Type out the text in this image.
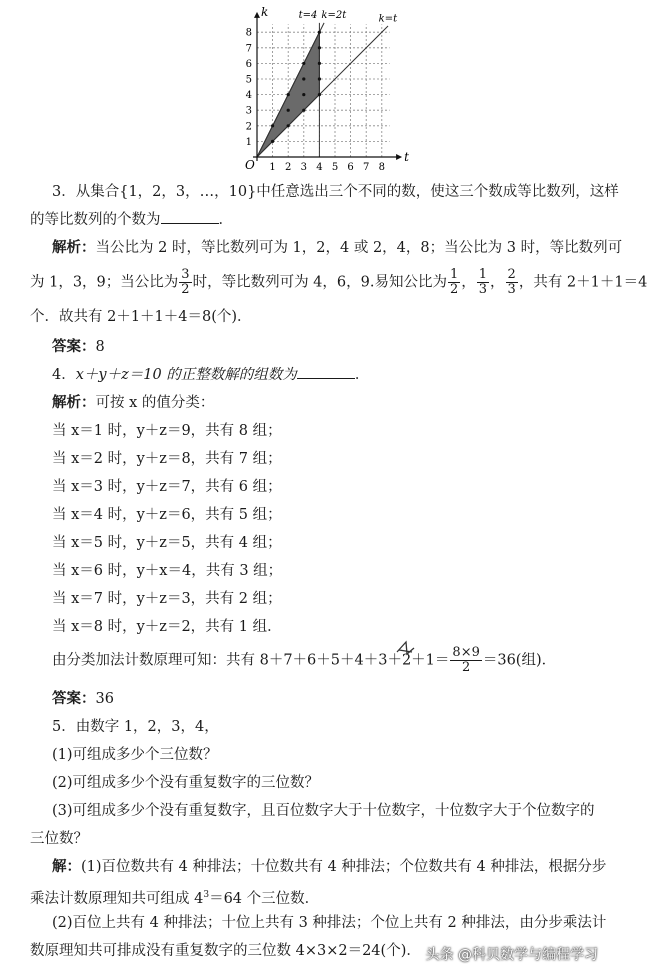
1 2 3 4 5 6 7 8
1
2
3
4
5
6
7
8
t
k
O
t=4 k=2t	k=t
3．从集合{1，2，3，…，10}中任意选出三个不同的数，使这三个数成等比数列，这样
的等比数列的个数为	．
解析：当公比为 2 时，等比数列可为 1，2，4 或 2，4，8；当公比为 3 时，等比数列可
为 1，3，9；当公比为 $\frac{3}{2}$ 时，等比数列可为 4，6，9.易知公比为 $\frac{1}{2}$ ， $\frac{1}{3}$ ， $\frac{2}{3}$ ，共有 2＋1＋1＝4
个．故共有 2＋1＋1＋4＝8(个)．
答案：8
4．x＋y＋z＝10 的正整数解的组数为	．
解析：可按 x 的值分类：
当 x＝1 时，y＋z＝9，共有 8 组；
当 x＝2 时，y＋z＝8，共有 7 组；
当 x＝3 时，y＋z＝7，共有 6 组；
当 x＝4 时，y＋z＝6，共有 5 组；
当 x＝5 时，y＋z＝5，共有 4 组；
当 x＝6 时，y＋x＝4，共有 3 组；
当 x＝7 时，y＋z＝3，共有 2 组；
当 x＝8 时，y＋z＝2，共有 1 组．
由分类加法计数原理可知：共有 $8+7+6+5+4+3+2+1= \frac{8\times 9}{2} =36$(组)．
答案：36
5．由数字 1，2，3，4，
(1)可组成多少个三位数？
(2)可组成多少个没有重复数字的三位数？
(3)可组成多少个没有重复数字，且百位数字大于十位数字，十位数字大于个位数字的
三位数？
解：(1)百位数共有 4 种排法；十位数共有 4 种排法；个位数共有 4 种排法，根据分步
乘法计数原理知共可组成 $4^3=64$ 个三位数．
(2)百位上共有 4 种排法；十位上共有 3 种排法；个位上共有 2 种排法，由分步乘法计
数原理知共可排成没有重复数字的三位数 4×3×2＝24(个)． 头条 @科贝数学与编程学习
